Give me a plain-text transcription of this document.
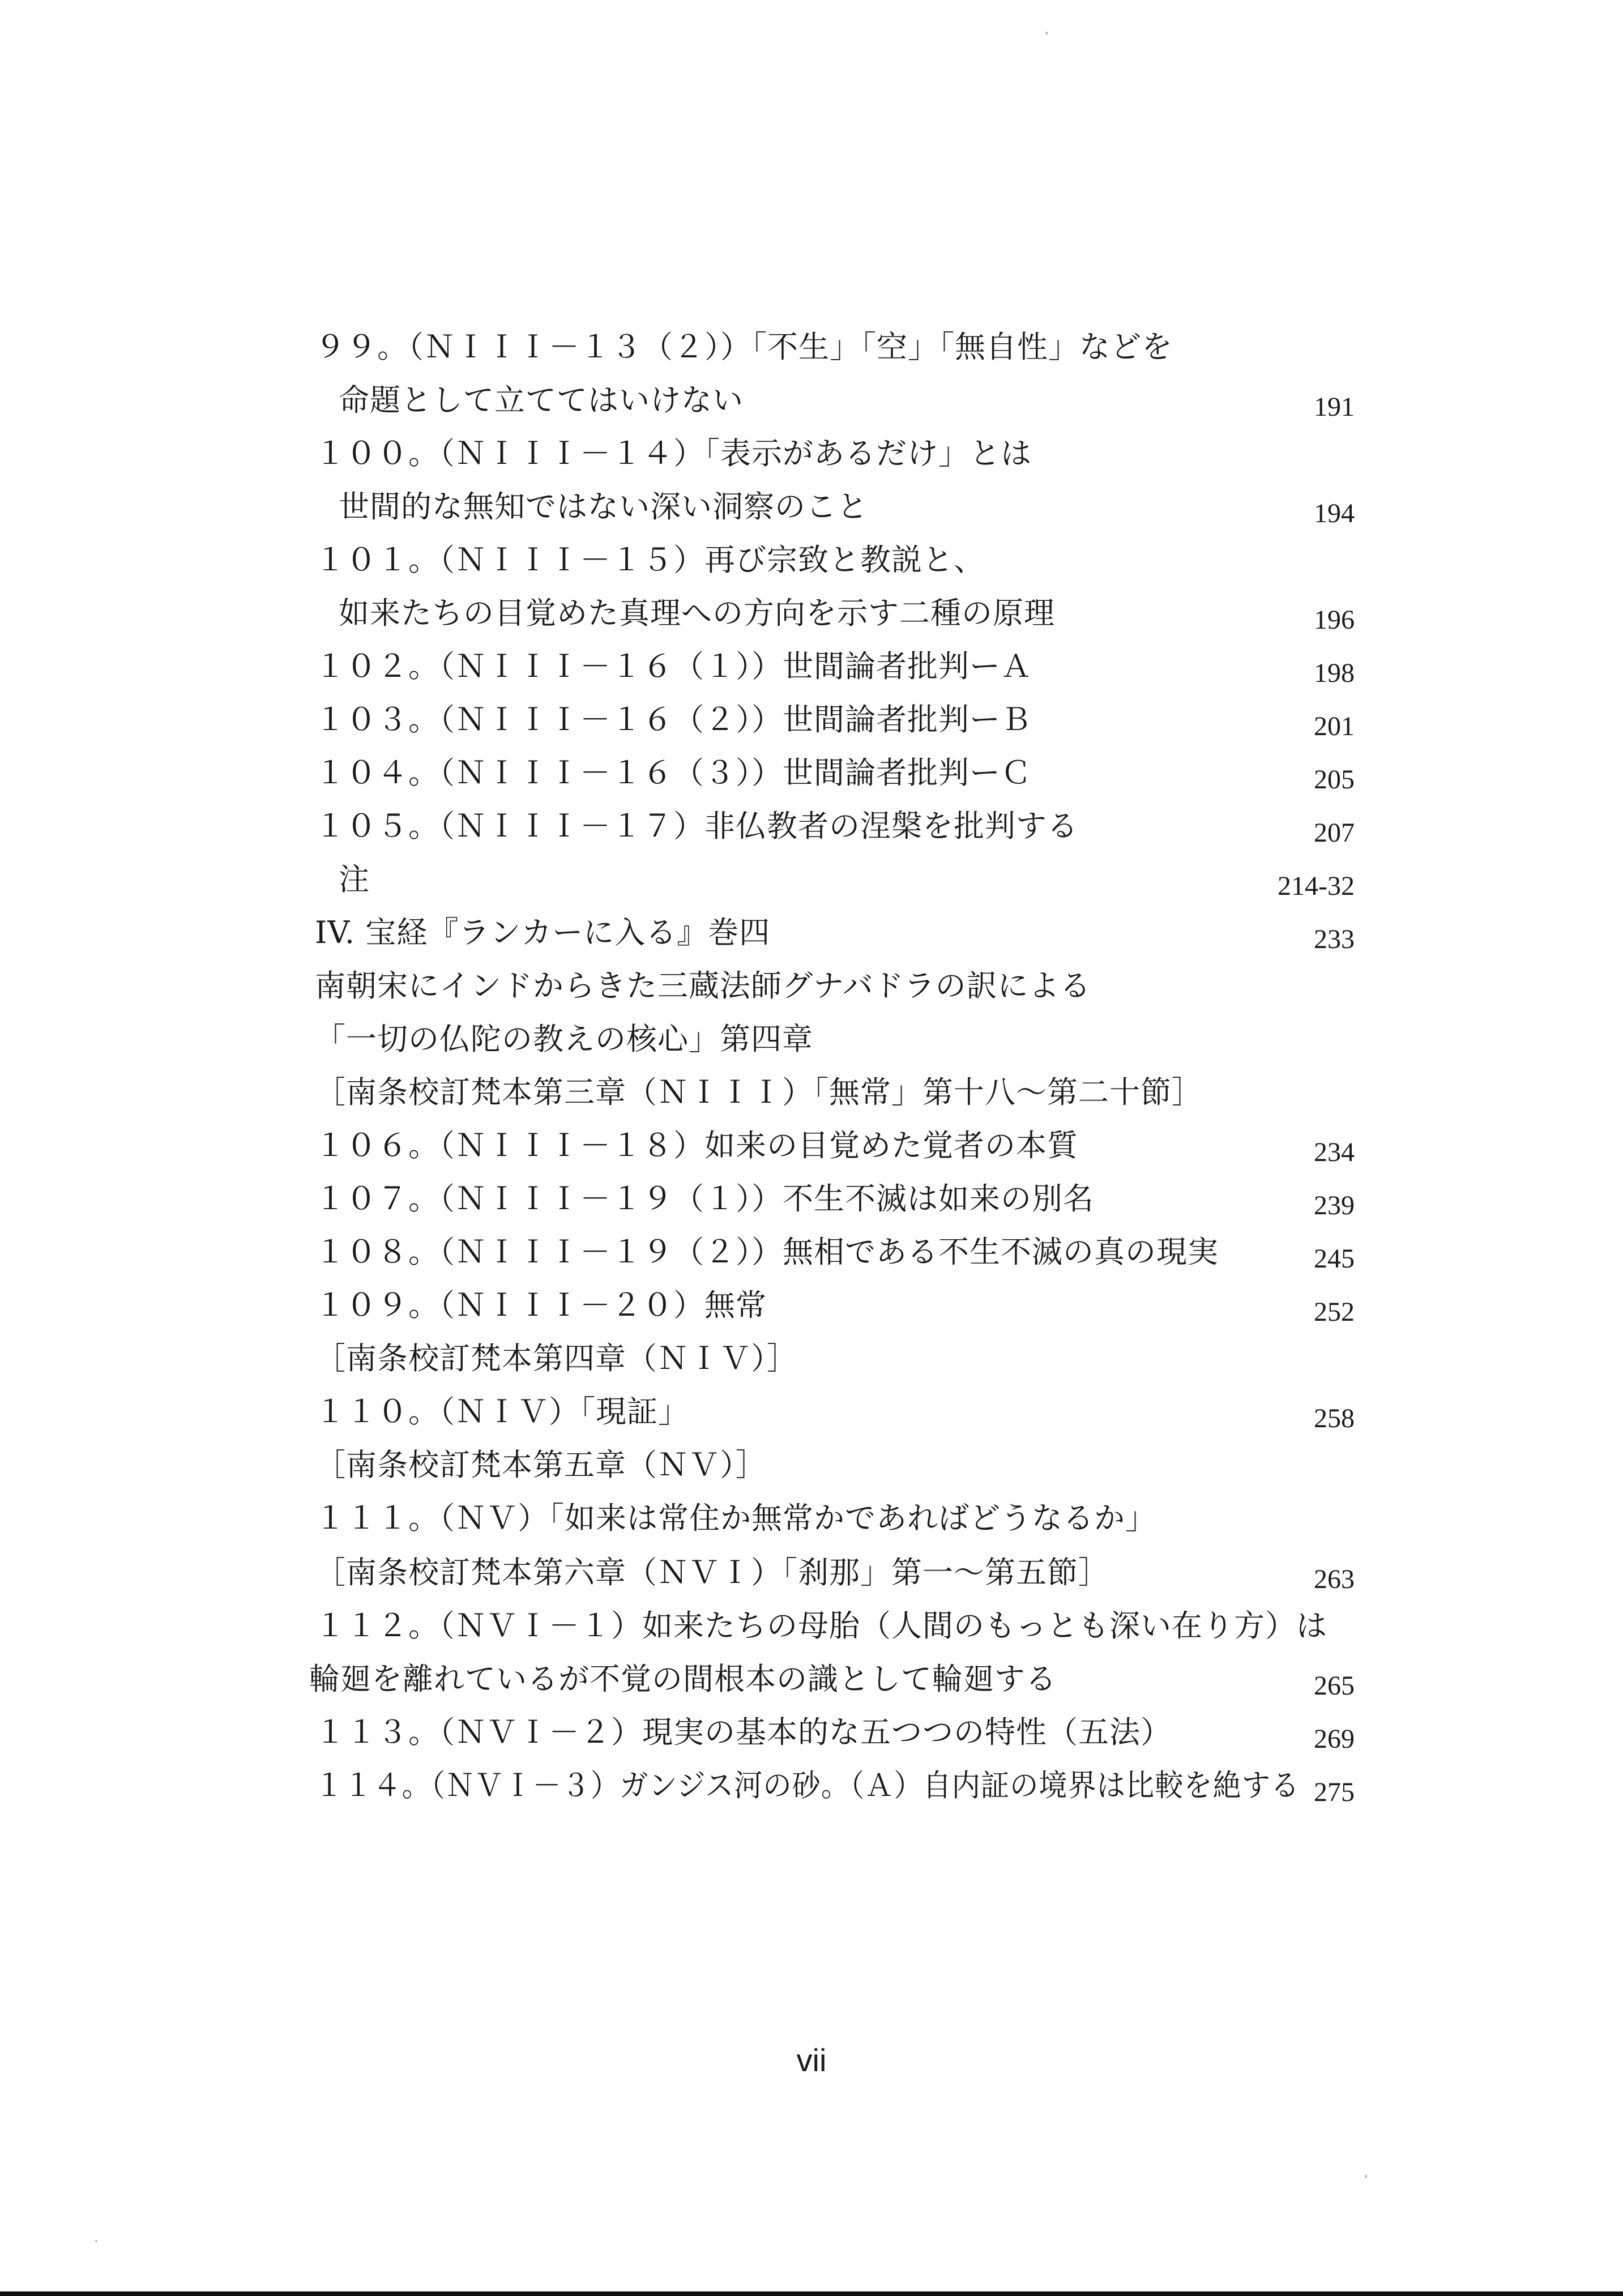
９９。（ＮＩＩＩ－１３（２））「不生」「空」「無自性」などを
命題として立ててはいけない	191
１００。（ＮＩＩＩ－１４）「表示があるだけ」とは
世間的な無知ではない深い洞察のこと	194
１０１。（ＮＩＩＩ－１５）再び宗致と教説と、
如来たちの目覚めた真理への方向を示す二種の原理	196
１０２。（ＮＩＩＩ－１６（１））世間論者批判ーＡ	198
１０３。（ＮＩＩＩ－１６（２））世間論者批判ーＢ	201
１０４。（ＮＩＩＩ－１６（３））世間論者批判ーＣ	205
１０５。（ＮＩＩＩ－１７）非仏教者の涅槃を批判する	207
注	214-32
IV. 宝経『ランカーに入る』巻四	233
南朝宋にインドからきた三蔵法師グナバドラの訳による
「一切の仏陀の教えの核心」第四章
［南条校訂梵本第三章（ＮＩＩＩ）「無常」第十八～第二十節］
１０６。（ＮＩＩＩ－１８）如来の目覚めた覚者の本質	234
１０７。（ＮＩＩＩ－１９（１））不生不滅は如来の別名	239
１０８。（ＮＩＩＩ－１９（２））無相である不生不滅の真の現実	245
１０９。（ＮＩＩＩ－２０）無常	252
［南条校訂梵本第四章（ＮＩＶ）］
１１０。（ＮＩＶ）「現証」	258
［南条校訂梵本第五章（ＮＶ）］
１１１。（ＮＶ）「如来は常住か無常かであればどうなるか」
［南条校訂梵本第六章（ＮＶＩ）「刹那」第一～第五節］	263
１１２。（ＮＶＩ－１）如来たちの母胎（人間のもっとも深い在り方）は
輪廻を離れているが不覚の間根本の識として輪廻する	265
１１３。（ＮＶＩ－２）現実の基本的な五つつの特性（五法）	269
１１４。（ＮＶＩ－３）ガンジス河の砂。（Ａ）自内証の境界は比較を絶する 275
vii
